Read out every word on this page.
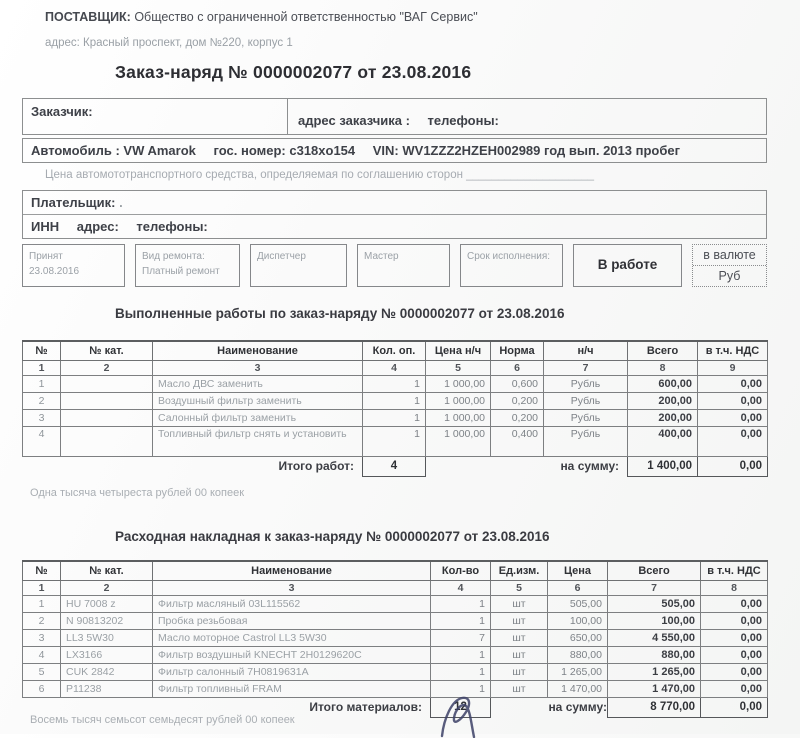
ПОСТАВЩИК: Общество с ограниченной ответственностью "ВАГ Сервис"
адрес: Красный проспект, дом №220, корпус 1
Заказ-наряд № 0000002077 от 23.08.2016
Заказчик:
адрес заказчика : телефоны:
Автомобиль : VW Amarok гос. номер: c318xo154 VIN: WV1ZZZ2HZEH002989 год вып. 2013 пробег
Цена автомототранспортного средства, определяемая по соглашению сторон ____________________
Плательщик: .
ИНН адрес: телефоны:
Принят
23.08.2016
Вид ремонта:
Платный ремонт
Диспетчер	Мастер	Срок исполнения:
В работе
в валюте
Руб
Выполненные работы по заказ-наряду № 0000002077 от 23.08.2016
№	№ кат.	Наименование	Кол. оп.	Цена н/ч	Норма	н/ч	Всего	в т.ч. НДС
1	2	3	4	5	6	7	8	9
1		Масло ДВС заменить	1	1 000,00	0,600	Рубль	600,00	0,00
2		Воздушный фильтр заменить	1	1 000,00	0,200	Рубль	200,00	0,00
3		Салонный фильтр заменить	1	1 000,00	0,200	Рубль	200,00	0,00
4		Топливный фильтр снять и установить	1	1 000,00	0,400	Рубль	400,00	0,00
Итого работ:			4			на сумму:	1 400,00	0,00
Одна тысяча четыреста рублей 00 копеек
Расходная накладная к заказ-наряду № 0000002077 от 23.08.2016
№	№ кат.	Наименование	Кол-во	Ед.изм.	Цена	Всего	в т.ч. НДС
1	2	3	4	5	6	7	8
1	HU 7008 z	Фильтр масляный 03L115562	1	шт	505,00	505,00	0,00
2	N 90813202	Пробка резьбовая	1	шт	100,00	100,00	0,00
3	LL3 5W30	Масло моторное Castrol LL3 5W30	7	шт	650,00	4 550,00	0,00
4	LX3166	Фильтр воздушный KNECHT 2H0129620C	1	шт	880,00	880,00	0,00
5	CUK 2842	Фильтр салонный 7H0819631A	1	шт	1 265,00	1 265,00	0,00
6	P11238	Фильтр топливный FRAM	1	шт	1 470,00	1 470,00	0,00
Итого материалов:			12		на сумму:	8 770,00	0,00
Восемь тысяч семьсот семьдесят рублей 00 копеек
